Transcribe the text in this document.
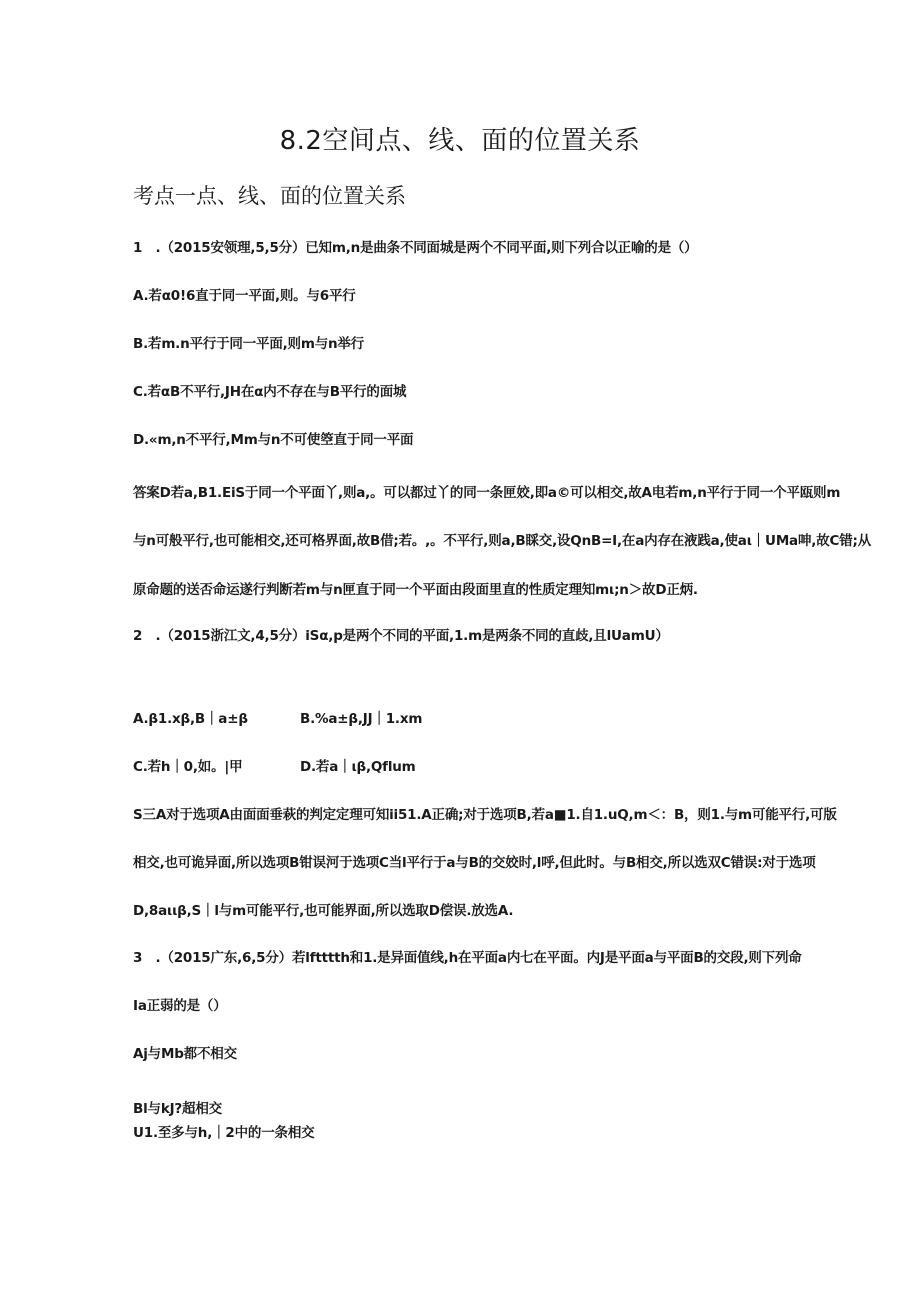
8.2空间点、线、面的位置关系
考点一点、线、面的位置关系
1　.（2015安领理,5,5分）已知m,n是曲条不同面城是两个不同平面,则下列合以正喻的是（）
A.若α0!6直于同一平面,则。与6平行
B.若m.n平行于同一平面,则m与n举行
C.若αB不平行,JH在α内不存在与B平行的面城
D.«m,n不平行,Mm与n不可使箜直于同一平面
答案D若a,B1.EiS于同一个平面丫,则a,。可以都过丫的同一条匣姣,即a©可以相交,故A电若m,n平行于同一个平瓯则m
与n可般平行,也可能相交,还可格界面,故B借;若。,。不平行,则a,B睬交,设QnB=I,在a内存在液践a,使aι｜UMa呻,故C错;从
原命题的送否命运遂行判断若m与n匣直于同一个平面由段面里直的性质定理知mι;n＞故D正炳.
2　.（2015浙江文,4,5分）iSα,p是两个不同的平面,1.m是两条不同的直歧,且lUamU）
A.β1.xβ,B｜a±β	B.%a±β,JJ｜1.xm
C.若h｜0,如。|甲	D.若a｜ιβ,Qflum
S三A对于选项A由面面垂萩的判定定理可知ii51.A正确;对于选项B,若a■1.自1.uQ,m＜：B，则1.与m可能平行,可版
相交,也可诡异面,所以选项B钳误河于选项C当l平行于a与B的交姣时,l呼,但此时。与B相交,所以选双C错误:对于选项
D,8aιιβ,S｜l与m可能平行,也可能界面,所以选取D偿误.放选A.
3　.（2015广东,6,5分）若lftttth和1.是异面值线,h在平面a内七在平面。内J是平面a与平面B的交段,则下列命
Ia正弱的是（）
Aj与Mb都不相交
Bl与kJ?超相交
U1.至多与h,｜2中的一条相交
